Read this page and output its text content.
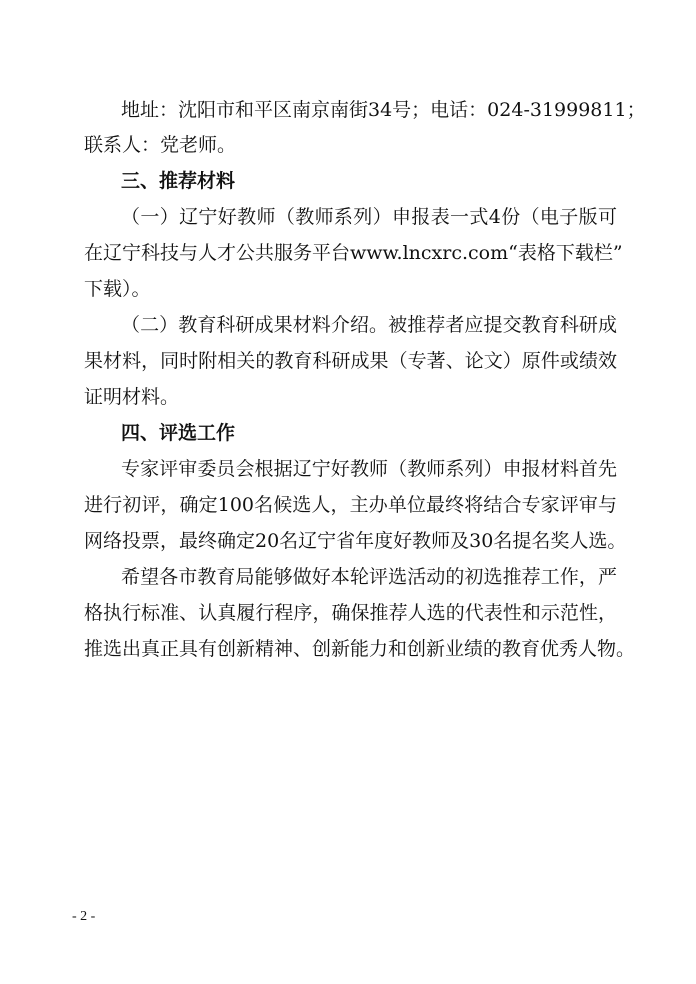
地址：沈阳市和平区南京南街34号；电话：024-31999811；
联系人：党老师。
三、推荐材料
（一）辽宁好教师（教师系列）申报表一式4份（电子版可
在辽宁科技与人才公共服务平台www.lncxrc.com“表格下载栏”
下载）。
（二）教育科研成果材料介绍。被推荐者应提交教育科研成
果材料，同时附相关的教育科研成果（专著、论文）原件或绩效
证明材料。
四、评选工作
专家评审委员会根据辽宁好教师（教师系列）申报材料首先
进行初评，确定100名候选人，主办单位最终将结合专家评审与
网络投票，最终确定20名辽宁省年度好教师及30名提名奖人选。
希望各市教育局能够做好本轮评选活动的初选推荐工作，严
格执行标准、认真履行程序，确保推荐人选的代表性和示范性，
推选出真正具有创新精神、创新能力和创新业绩的教育优秀人物。
- 2 -
